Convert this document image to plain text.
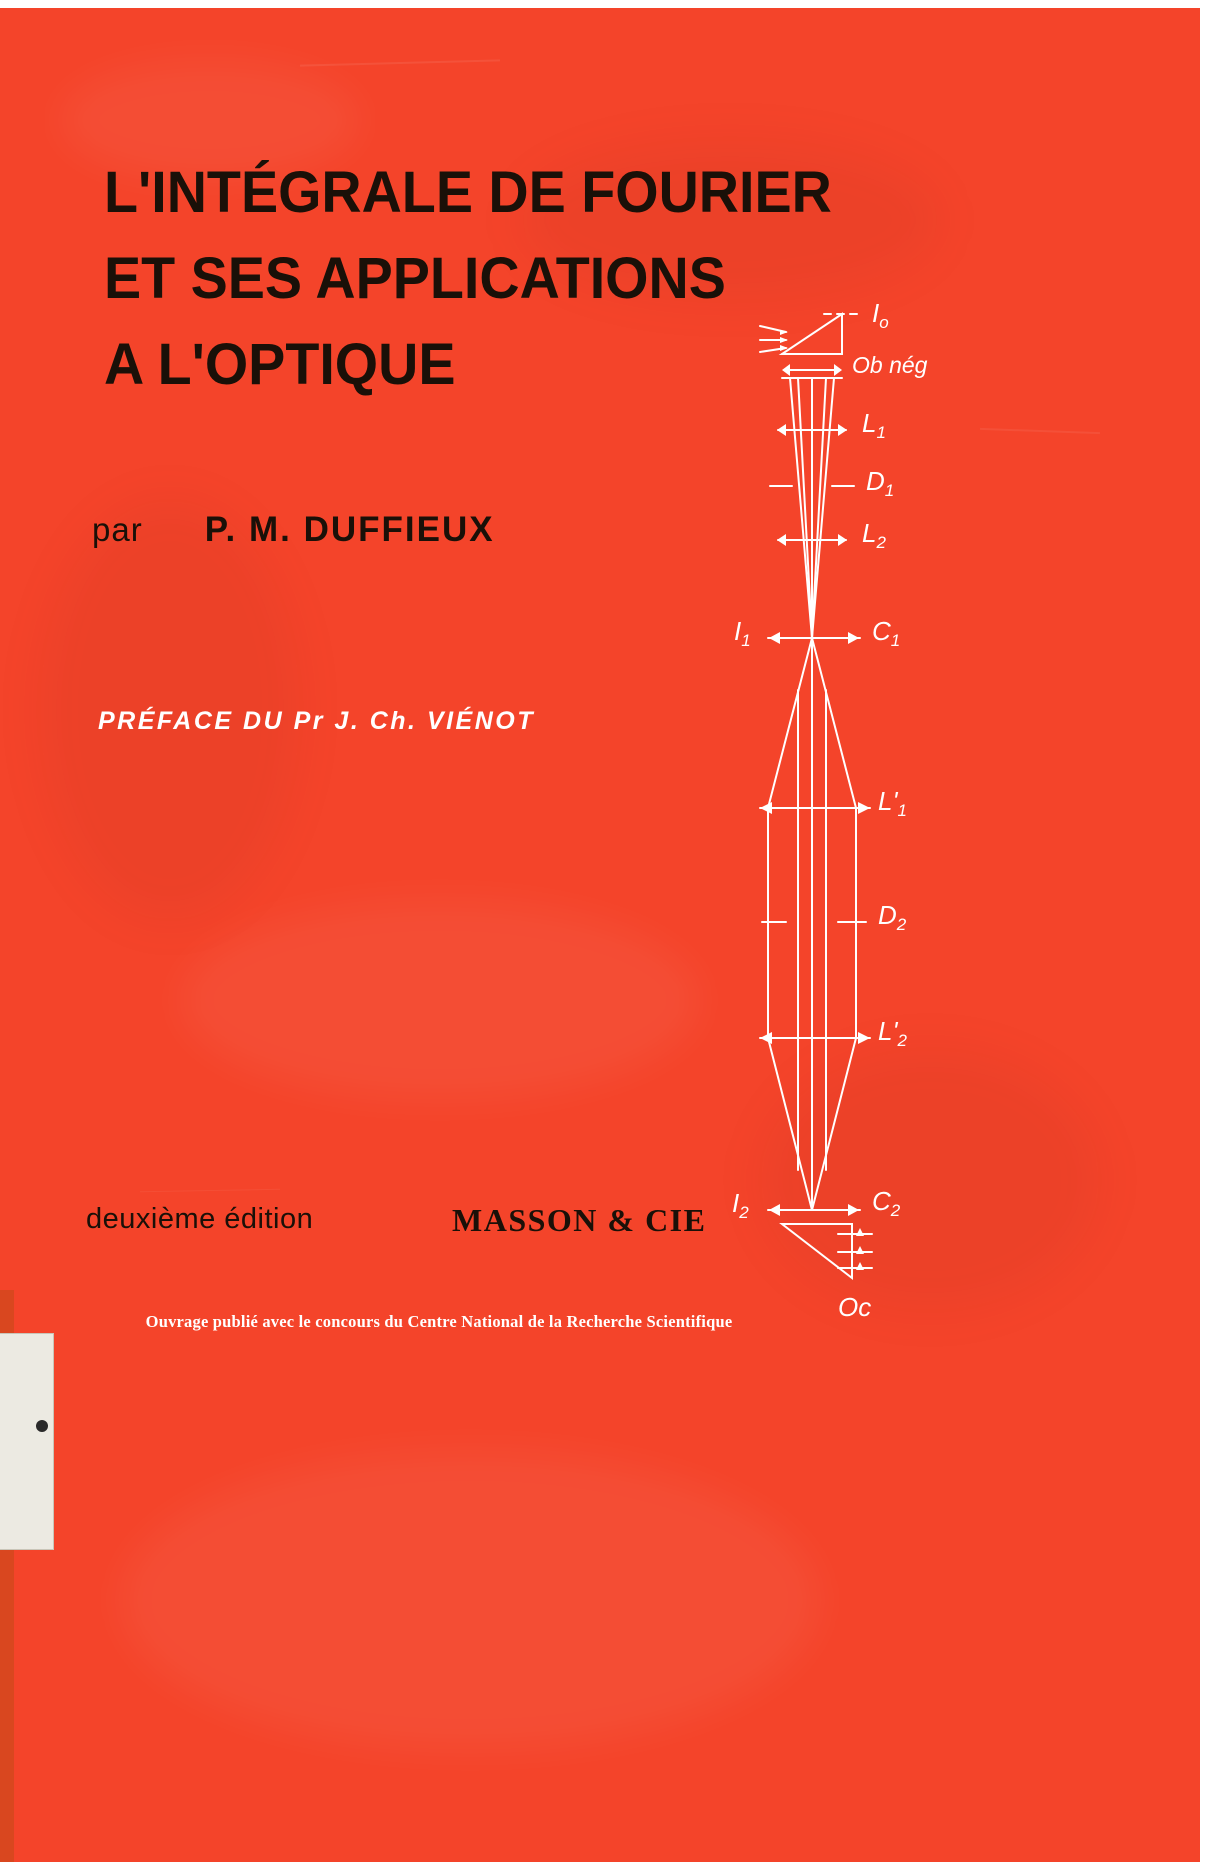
L'INTÉGRALE DE FOURIER
ET SES APPLICATIONS
A L'OPTIQUE
par P. M. DUFFIEUX
PRÉFACE DU Pr J. Ch. VIÉNOT
deuxième édition	MASSON & CIE
Ouvrage publié avec le concours du Centre National de la Recherche Scientifique
$I_o$
Ob nég
$L_1$
$D_1$
$L_2$
$I_1$	$C_1$
$L'_1$
$D_2$
$L'_2$
$I_2$	$C_2$
Oc
